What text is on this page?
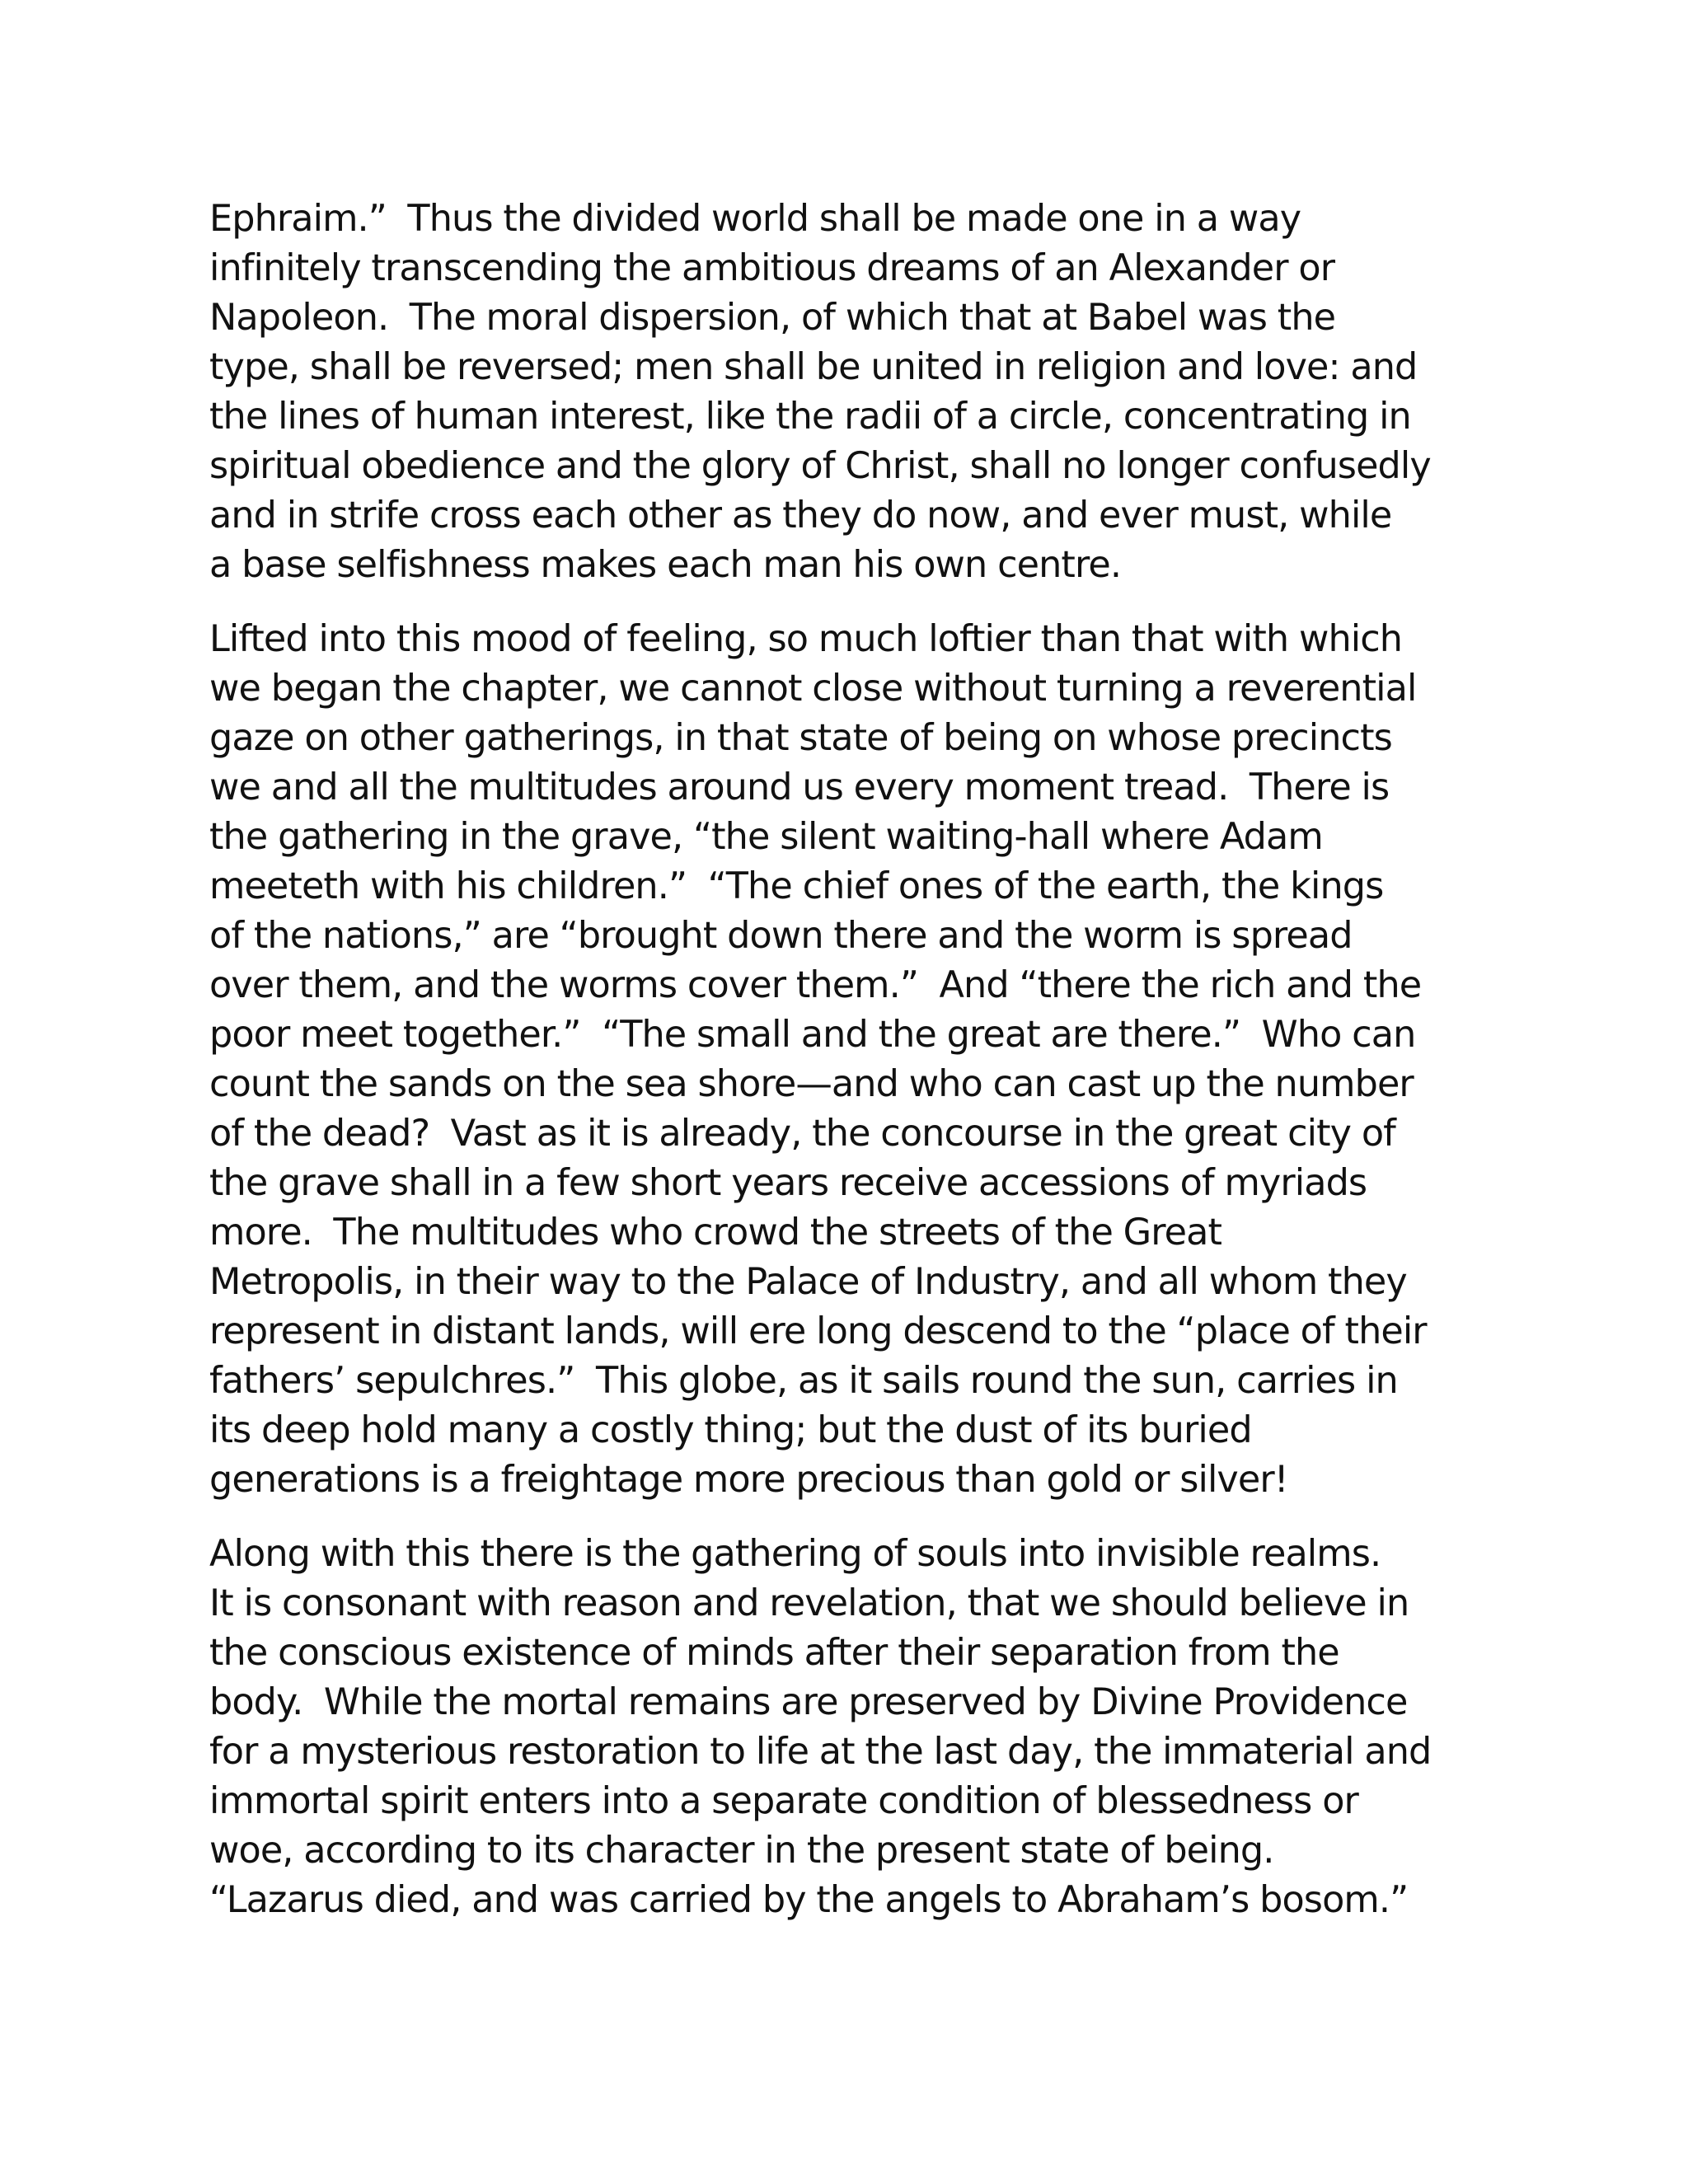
Ephraim.”  Thus the divided world shall be made one in a way
infinitely transcending the ambitious dreams of an Alexander or
Napoleon.  The moral dispersion, of which that at Babel was the
type, shall be reversed; men shall be united in religion and love: and
the lines of human interest, like the radii of a circle, concentrating in
spiritual obedience and the glory of Christ, shall no longer confusedly
and in strife cross each other as they do now, and ever must, while
a base selfishness makes each man his own centre.

Lifted into this mood of feeling, so much loftier than that with which
we began the chapter, we cannot close without turning a reverential
gaze on other gatherings, in that state of being on whose precincts
we and all the multitudes around us every moment tread.  There is
the gathering in the grave, “the silent waiting-hall where Adam
meeteth with his children.”  “The chief ones of the earth, the kings
of the nations,” are “brought down there and the worm is spread
over them, and the worms cover them.”  And “there the rich and the
poor meet together.”  “The small and the great are there.”  Who can
count the sands on the sea shore—and who can cast up the number
of the dead?  Vast as it is already, the concourse in the great city of
the grave shall in a few short years receive accessions of myriads
more.  The multitudes who crowd the streets of the Great
Metropolis, in their way to the Palace of Industry, and all whom they
represent in distant lands, will ere long descend to the “place of their
fathers’ sepulchres.”  This globe, as it sails round the sun, carries in
its deep hold many a costly thing; but the dust of its buried
generations is a freightage more precious than gold or silver!

Along with this there is the gathering of souls into invisible realms.
It is consonant with reason and revelation, that we should believe in
the conscious existence of minds after their separation from the
body.  While the mortal remains are preserved by Divine Providence
for a mysterious restoration to life at the last day, the immaterial and
immortal spirit enters into a separate condition of blessedness or
woe, according to its character in the present state of being.
“Lazarus died, and was carried by the angels to Abraham’s bosom.”
